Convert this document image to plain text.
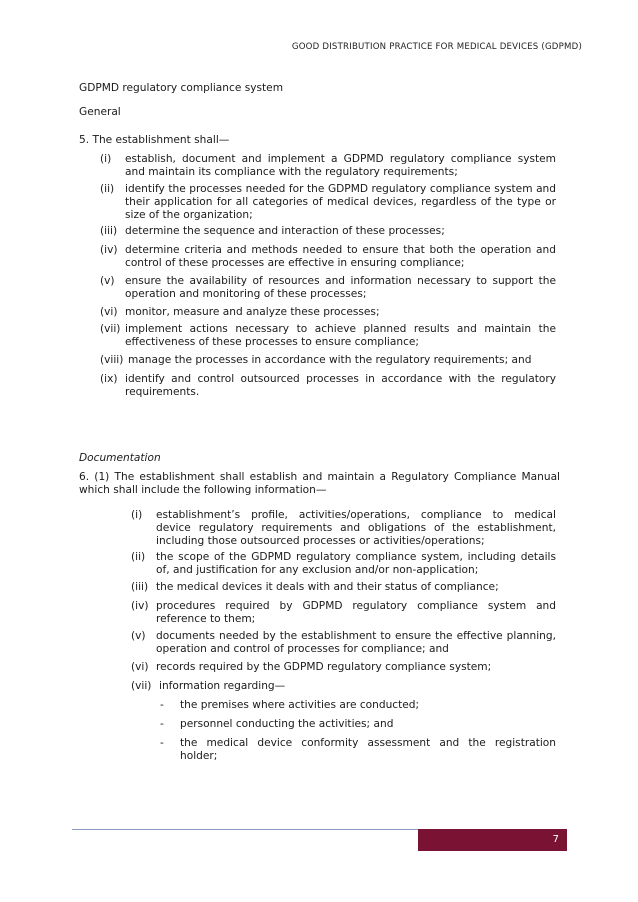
GOOD DISTRIBUTION PRACTICE FOR MEDICAL DEVICES (GDPMD)
GDPMD regulatory compliance system
General
5. The establishment shall—
(i) establish, document and implement a GDPMD regulatory compliance system and maintain its compliance with the regulatory requirements;
(ii) identify the processes needed for the GDPMD regulatory compliance system and their application for all categories of medical devices, regardless of the type or size of the organization;
(iii) determine the sequence and interaction of these processes;
(iv) determine criteria and methods needed to ensure that both the operation and control of these processes are effective in ensuring compliance;
(v) ensure the availability of resources and information necessary to support the operation and monitoring of these processes;
(vi) monitor, measure and analyze these processes;
(vii) implement actions necessary to achieve planned results and maintain the effectiveness of these processes to ensure compliance;
(viii) manage the processes in accordance with the regulatory requirements; and
(ix) identify and control outsourced processes in accordance with the regulatory requirements.
Documentation
6. (1) The establishment shall establish and maintain a Regulatory Compliance Manual which shall include the following information—
(i) establishment’s profile, activities/operations, compliance to medical device regulatory requirements and obligations of the establishment, including those outsourced processes or activities/operations;
(ii) the scope of the GDPMD regulatory compliance system, including details of, and justification for any exclusion and/or non-application;
(iii) the medical devices it deals with and their status of compliance;
(iv) procedures required by GDPMD regulatory compliance system and reference to them;
(v) documents needed by the establishment to ensure the effective planning, operation and control of processes for compliance; and
(vi) records required by the GDPMD regulatory compliance system;
(vii) information regarding—
- the premises where activities are conducted;
- personnel conducting the activities; and
- the medical device conformity assessment and the registration holder;
7
